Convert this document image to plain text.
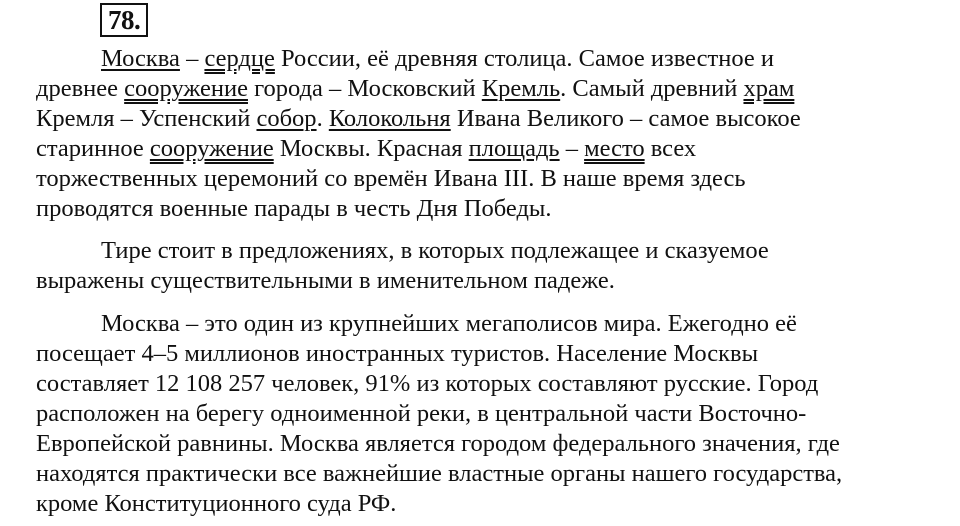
78.

Москва – сердце России, её древняя столица. Самое известное и
древнее сооружение города – Московский Кремль. Самый древний храм
Кремля – Успенский собор. Колокольня Ивана Великого – самое высокое
старинное сооружение Москвы. Красная площадь – место всех
торжественных церемоний со времён Ивана III. В наше время здесь
проводятся военные парады в честь Дня Победы.

Тире стоит в предложениях, в которых подлежащее и сказуемое
выражены существительными в именительном падеже.

Москва – это один из крупнейших мегаполисов мира. Ежегодно её
посещает 4–5 миллионов иностранных туристов. Население Москвы
составляет 12 108 257 человек, 91% из которых составляют русские. Город
расположен на берегу одноименной реки, в центральной части Восточно-
Европейской равнины. Москва является городом федерального значения, где
находятся практически все важнейшие властные органы нашего государства,
кроме Конституционного суда РФ.
